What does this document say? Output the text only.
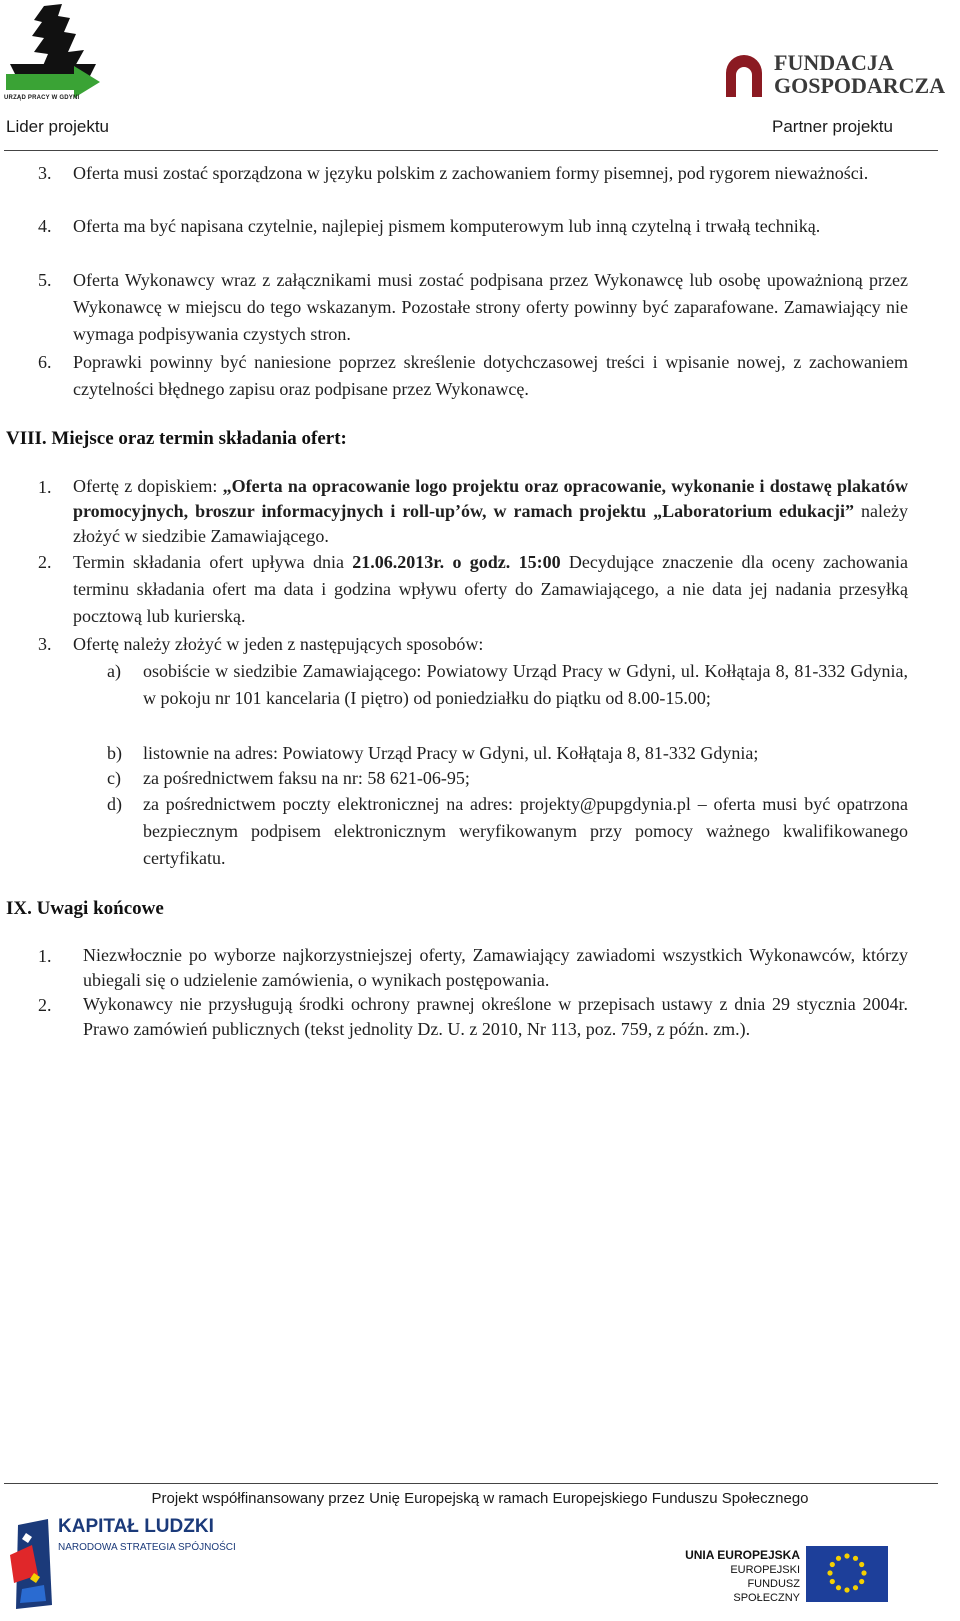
URZĄD PRACY W GDYNI
FUNDACJA
GOSPODARCZA
Lider projektu	Partner projektu
3. Oferta musi zostać sporządzona w języku polskim z zachowaniem formy pisemnej, pod rygorem nieważności.
4. Oferta ma być napisana czytelnie, najlepiej pismem komputerowym lub inną czytelną i trwałą techniką.
5. Oferta Wykonawcy wraz z załącznikami musi zostać podpisana przez Wykonawcę lub osobę upoważnioną przez Wykonawcę w miejscu do tego wskazanym. Pozostałe strony oferty powinny być zaparafowane. Zamawiający nie wymaga podpisywania czystych stron.
6. Poprawki powinny być naniesione poprzez skreślenie dotychczasowej treści i wpisanie nowej, z zachowaniem czytelności błędnego zapisu oraz podpisane przez Wykonawcę.
VIII. Miejsce oraz termin składania ofert:
1. Ofertę z dopiskiem: „Oferta na opracowanie logo projektu oraz opracowanie, wykonanie i dostawę plakatów promocyjnych, broszur informacyjnych i roll-up’ów, w ramach projektu „Laboratorium edukacji” należy złożyć w siedzibie Zamawiającego.
2. Termin składania ofert upływa dnia 21.06.2013r. o godz. 15:00 Decydujące znaczenie dla oceny zachowania terminu składania ofert ma data i godzina wpływu oferty do Zamawiającego, a nie data jej nadania przesyłką pocztową lub kurierską.
3. Ofertę należy złożyć w jeden z następujących sposobów:
a) osobiście w siedzibie Zamawiającego: Powiatowy Urząd Pracy w Gdyni, ul. Kołłątaja 8, 81-332 Gdynia, w pokoju nr 101 kancelaria (I piętro) od poniedziałku do piątku od 8.00-15.00;
b) listownie na adres: Powiatowy Urząd Pracy w Gdyni, ul. Kołłątaja 8, 81-332 Gdynia;
c) za pośrednictwem faksu na nr: 58 621-06-95;
d) za pośrednictwem poczty elektronicznej na adres: projekty@pupgdynia.pl – oferta musi być opatrzona bezpiecznym podpisem elektronicznym weryfikowanym przy pomocy ważnego kwalifikowanego certyfikatu.
IX. Uwagi końcowe
1. Niezwłocznie po wyborze najkorzystniejszej oferty, Zamawiający zawiadomi wszystkich Wykonawców, którzy ubiegali się o udzielenie zamówienia, o wynikach postępowania.
2. Wykonawcy nie przysługują środki ochrony prawnej określone w przepisach ustawy z dnia 29 stycznia 2004r. Prawo zamówień publicznych (tekst jednolity Dz. U. z 2010, Nr 113, poz. 759, z późn. zm.).
Projekt współfinansowany przez Unię Europejską w ramach Europejskiego Funduszu Społecznego
KAPITAŁ LUDZKI
NARODOWA STRATEGIA SPÓJNOŚCI
UNIA EUROPEJSKA
EUROPEJSKI
FUNDUSZ SPOŁECZNY
